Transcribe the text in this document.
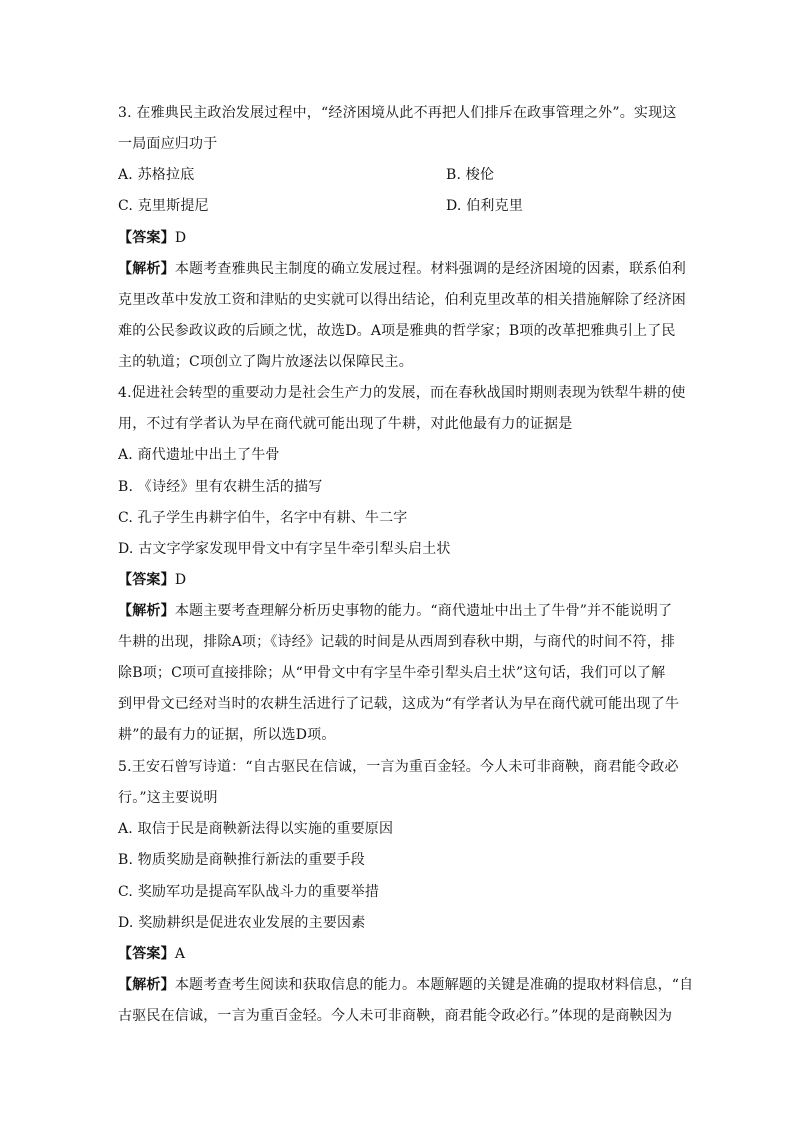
3. 在雅典民主政治发展过程中，“经济困境从此不再把人们排斥在政事管理之外”。实现这
一局面应归功于
A. 苏格拉底	B. 梭伦
C. 克里斯提尼	D. 伯利克里
【答案】D
【解析】本题考查雅典民主制度的确立发展过程。材料强调的是经济困境的因素，联系伯利
克里改革中发放工资和津贴的史实就可以得出结论，伯利克里改革的相关措施解除了经济困
难的公民参政议政的后顾之忧，故选D。A项是雅典的哲学家；B项的改革把雅典引上了民
主的轨道；C项创立了陶片放逐法以保障民主。
4.促进社会转型的重要动力是社会生产力的发展，而在春秋战国时期则表现为铁犁牛耕的使
用，不过有学者认为早在商代就可能出现了牛耕，对此他最有力的证据是
A. 商代遗址中出土了牛骨
B. 《诗经》里有农耕生活的描写
C. 孔子学生冉耕字伯牛，名字中有耕、牛二字
D. 古文字学家发现甲骨文中有字呈牛牵引犁头启土状
【答案】D
【解析】本题主要考查理解分析历史事物的能力。“商代遗址中出土了牛骨”并不能说明了
牛耕的出现，排除A项；《诗经》记载的时间是从西周到春秋中期，与商代的时间不符，排
除B项；C项可直接排除；从“甲骨文中有字呈牛牵引犁头启土状”这句话，我们可以了解
到甲骨文已经对当时的农耕生活进行了记载，这成为“有学者认为早在商代就可能出现了牛
耕”的最有力的证据，所以选D项。
5.王安石曾写诗道：“自古驱民在信诚，一言为重百金轻。今人未可非商鞅，商君能令政必
行。”这主要说明
A. 取信于民是商鞅新法得以实施的重要原因
B. 物质奖励是商鞅推行新法的重要手段
C. 奖励军功是提高军队战斗力的重要举措
D. 奖励耕织是促进农业发展的主要因素
【答案】A
【解析】本题考查考生阅读和获取信息的能力。本题解题的关键是准确的提取材料信息，“自
古驱民在信诚，一言为重百金轻。今人未可非商鞅，商君能令政必行。”体现的是商鞅因为
